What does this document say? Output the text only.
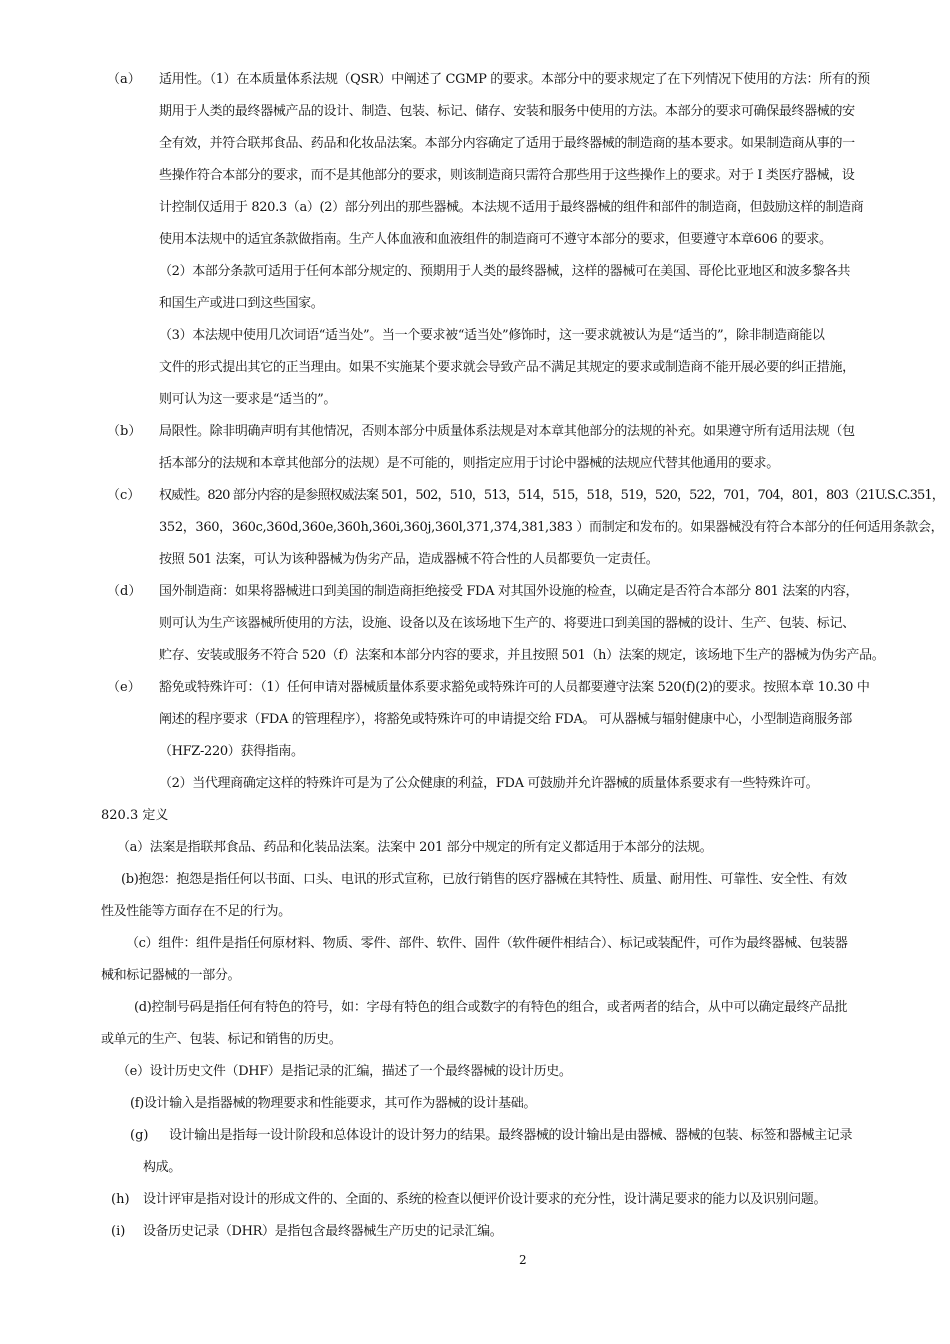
（a） 适用性。（1）在本质量体系法规（QSR）中阐述了 CGMP 的要求。本部分中的要求规定了在下列情况下使用的方法：所有的预
期用于人类的最终器械产品的设计、制造、包装、标记、储存、安装和服务中使用的方法。本部分的要求可确保最终器械的安
全有效，并符合联邦食品、药品和化妆品法案。本部分内容确定了适用于最终器械的制造商的基本要求。如果制造商从事的一
些操作符合本部分的要求，而不是其他部分的要求，则该制造商只需符合那些用于这些操作上的要求。对于 I 类医疗器械，设
计控制仅适用于 820.3（a）(2）部分列出的那些器械。本法规不适用于最终器械的组件和部件的制造商，但鼓励这样的制造商
使用本法规中的适宜条款做指南。生产人体血液和血液组件的制造商可不遵守本部分的要求，但要遵守本章606 的要求。
（2）本部分条款可适用于任何本部分规定的、预期用于人类的最终器械，这样的器械可在美国、哥伦比亚地区和波多黎各共
和国生产或进口到这些国家。
（3）本法规中使用几次词语“适当处”。当一个要求被“适当处”修饰时，这一要求就被认为是“适当的”，除非制造商能以
文件的形式提出其它的正当理由。如果不实施某个要求就会导致产品不满足其规定的要求或制造商不能开展必要的纠正措施，
则可认为这一要求是“适当的”。
（b） 局限性。除非明确声明有其他情况，否则本部分中质量体系法规是对本章其他部分的法规的补充。如果遵守所有适用法规（包
括本部分的法规和本章其他部分的法规）是不可能的，则指定应用于讨论中器械的法规应代替其他通用的要求。
（c） 权威性。820 部分内容的是参照权威法案 501，502，510，513，514，515，518，519，520，522，701，704，801，803（21U.S.C.351，
352，360，360c,360d,360e,360h,360i,360j,360l,371,374,381,383 ）而制定和发布的。如果器械没有符合本部分的任何适用条款会，
按照 501 法案，可认为该种器械为伪劣产品，造成器械不符合性的人员都要负一定责任。
（d） 国外制造商：如果将器械进口到美国的制造商拒绝接受 FDA 对其国外设施的检查，以确定是否符合本部分 801 法案的内容，
则可认为生产该器械所使用的方法，设施、设备以及在该场地下生产的、将要进口到美国的器械的设计、生产、包装、标记、
贮存、安装或服务不符合 520（f）法案和本部分内容的要求，并且按照 501（h）法案的规定，该场地下生产的器械为伪劣产品。
（e） 豁免或特殊许可：（1）任何申请对器械质量体系要求豁免或特殊许可的人员都要遵守法案 520(f)(2)的要求。按照本章 10.30 中
阐述的程序要求（FDA 的管理程序），将豁免或特殊许可的申请提交给 FDA。 可从器械与辐射健康中心，小型制造商服务部
（HFZ-220）获得指南。
（2）当代理商确定这样的特殊许可是为了公众健康的利益，FDA 可鼓励并允许器械的质量体系要求有一些特殊许可。
820.3 定义
（a）法案是指联邦食品、药品和化装品法案。法案中 201 部分中规定的所有定义都适用于本部分的法规。
(b)抱怨：抱怨是指任何以书面、口头、电讯的形式宣称，已放行销售的医疗器械在其特性、质量、耐用性、可靠性、安全性、有效
性及性能等方面存在不足的行为。
（c）组件：组件是指任何原材料、物质、零件、部件、软件、固件（软件硬件相结合）、标记或装配件，可作为最终器械、包装器
械和标记器械的一部分。
(d)控制号码是指任何有特色的符号，如：字母有特色的组合或数字的有特色的组合，或者两者的结合，从中可以确定最终产品批
或单元的生产、包装、标记和销售的历史。
（e）设计历史文件（DHF）是指记录的汇编，描述了一个最终器械的设计历史。
(f)设计输入是指器械的物理要求和性能要求，其可作为器械的设计基础。
(g) 设计输出是指每一设计阶段和总体设计的设计努力的结果。最终器械的设计输出是由器械、器械的包装、标签和器械主记录
构成。
(h) 设计评审是指对设计的形成文件的、全面的、系统的检查以便评价设计要求的充分性，设计满足要求的能力以及识别问题。
(i) 设备历史记录（DHR）是指包含最终器械生产历史的记录汇编。
2
